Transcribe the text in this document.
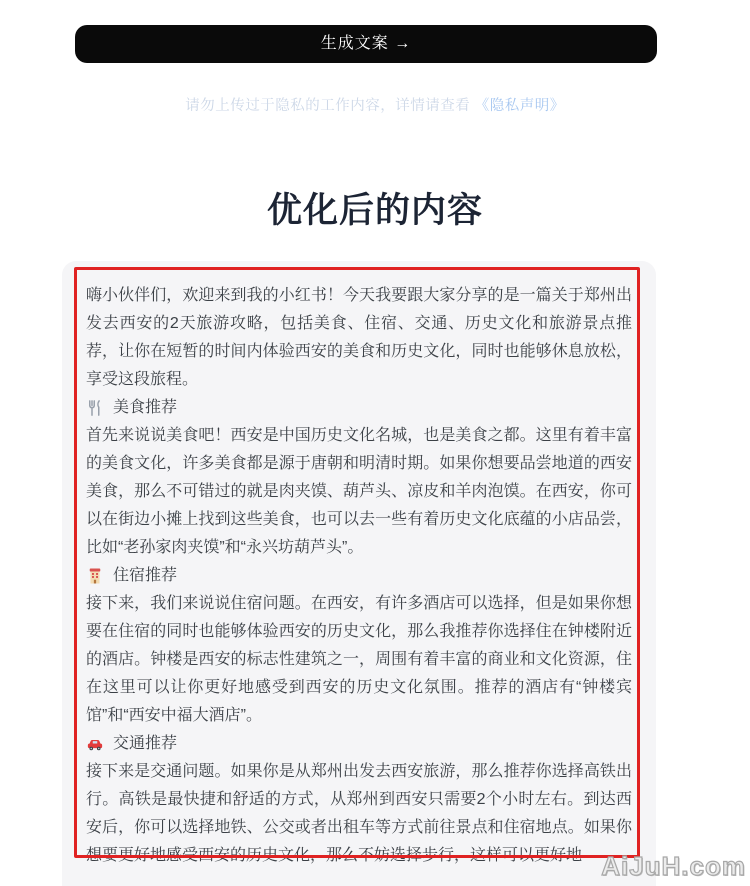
生成文案 →
请勿上传过于隐私的工作内容，详情请查看 《隐私声明》
优化后的内容

嗨小伙伴们，欢迎来到我的小红书！今天我要跟大家分享的是一篇关于郑州出发去西安的2天旅游攻略，包括美食、住宿、交通、历史文化和旅游景点推荐，让你在短暂的时间内体验西安的美食和历史文化，同时也能够休息放松，享受这段旅程。

美食推荐

首先来说说美食吧！西安是中国历史文化名城，也是美食之都。这里有着丰富的美食文化，许多美食都是源于唐朝和明清时期。如果你想要品尝地道的西安美食，那么不可错过的就是肉夹馍、葫芦头、凉皮和羊肉泡馍。在西安，你可以在街边小摊上找到这些美食，也可以去一些有着历史文化底蕴的小店品尝，比如“老孙家肉夹馍”和“永兴坊葫芦头”。

住宿推荐

接下来，我们来说说住宿问题。在西安，有许多酒店可以选择，但是如果你想要在住宿的同时也能够体验西安的历史文化，那么我推荐你选择住在钟楼附近的酒店。钟楼是西安的标志性建筑之一，周围有着丰富的商业和文化资源，住在这里可以让你更好地感受到西安的历史文化氛围。推荐的酒店有“钟楼宾馆”和“西安中福大酒店”。

交通推荐

接下来是交通问题。如果你是从郑州出发去西安旅游，那么推荐你选择高铁出行。高铁是最快捷和舒适的方式，从郑州到西安只需要2个小时左右。到达西安后，你可以选择地铁、公交或者出租车等方式前往景点和住宿地点。如果你想要更好地感受西安的历史文化，那么不妨选择步行，这样可以更好地 AiJuH.com
